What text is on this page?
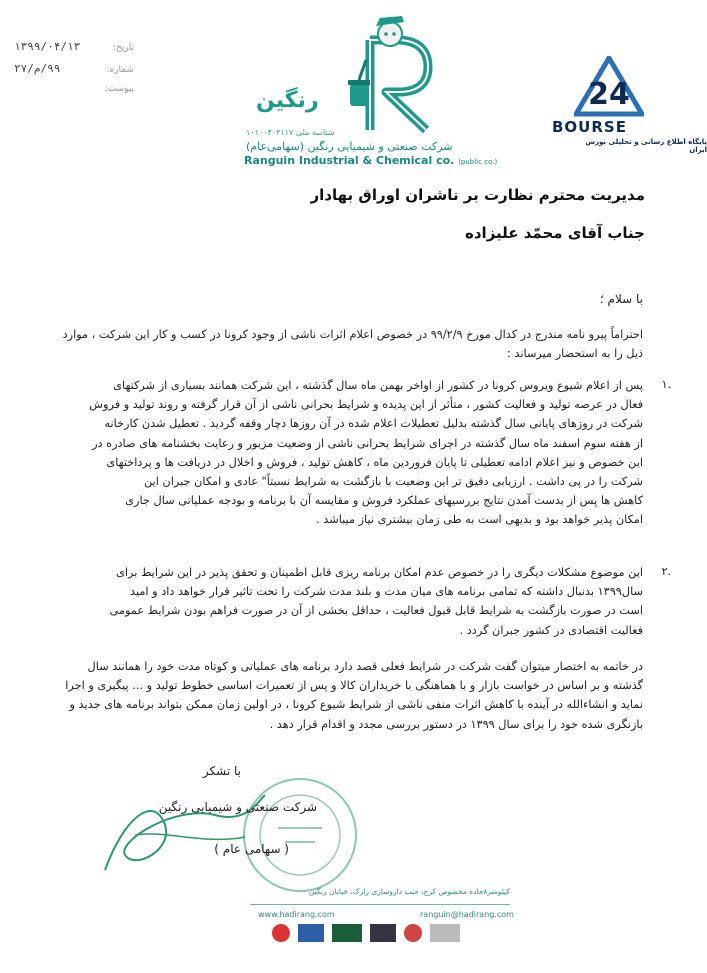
تاریخ:
۱۳۹۹/۰۴/۱۳
شماره:
۹۹/م/۲۷
پیوست:	رنگین
شناسه ملی ۱۰۱۰۰۴۰۳۱۱۷
شرکت صنعتی و شیمیایی رنگین (سهامی‌عام)
Ranguin Industrial & Chemical co. (public co.)
24
BOURSE
پایگاه اطلاع رسانی و تحلیلی بورس ایران
مدیریت محترم نظارت بر ناشران اوراق بهادار
جناب آقای محمّد علیزاده
با سلام ؛

احتراماً پیرو نامه مندرج در کدال مورخ ۹۹/۲/۹ در خصوص اعلام اثرات ناشی از وجود کرونا در کسب و کار این شرکت ، موارد

ذیل را به استحضار میرساند :

۱.

پس از اعلام شیوع ویروس کرونا در کشور از اواخر بهمن ماه سال گذشته ، این شرکت همانند بسیاری از شرکتهای

فعال در عرصه تولید و فعالیت کشور ، متأثر از این پدیده و شرایط بحرانی ناشی از آن قرار گرفته و روند تولید و فروش

شرکت در روزهای پایانی سال گذشته بدلیل تعطیلات اعلام شده در آن روزها دچار وقفه گردید . تعطیل شدن کارخانه

از هفته سوم اسفند ماه سال گذشته در اجرای شرایط بحرانی ناشی از وضعیت مزبور و رعایت بخشنامه های صادره در

این خصوص و نیز اعلام ادامه تعطیلی تا پایان فروردین ماه ، کاهش تولید ، فروش و اخلال در دریافت ها و پرداختهای

شرکت را در پی داشت . ارزیابی دقیق تر این وضعیت با بازگشت به شرایط نسبتاً" عادی و امکان جبران این

کاهش ها پس از بدست آمدن نتایج بررسیهای عملکرد فروش و مقایسه آن با برنامه و بودجه عملیاتی سال جاری

امکان پذیر خواهد بود و بدیهی است به طی زمان بیشتری نیاز میباشد .

۲.

این موضوع مشکلات دیگری را در خصوص عدم امکان برنامه ریزی قابل اطمینان و تحقق پذیر در این شرایط برای

سال۱۳۹۹ بدنبال داشته که تمامی برنامه های میان مدت و بلند مدت شرکت را تحت تاثیر قرار خواهد داد و امید

است در صورت بازگشت به شرایط قابل قبول فعالیت ، حداقل بخشی از آن در صورت فراهم بودن شرایط عمومی

فعالیت اقتصادی در کشور جبران گردد .

در خاتمه به اختصار میتوان گفت شرکت در شرایط فعلی قصد دارد برنامه های عملیاتی و کوتاه مدت خود را همانند سال

گذشته و بر اساس در خواست بازار و با هماهنگی با خریداران کالا و پس از تعمیرات اساسی خطوط تولید و ... پیگیری و اجرا

نماید و انشاءالله در آینده با کاهش اثرات منفی ناشی از شرایط شیوع کرونا ، در اولین زمان ممکن بتواند برنامه های جدید و

بازنگری شده خود را برای سال ۱۳۹۹ در دستور بررسی مجدد و اقدام قرار دهد .

با تشکر
شرکت صنعتی و شیمیایی رنگین
( سهامی عام )
کیلومتر۸جاده مخصوص کرج، جنب داروسازی رازک، خیابان رنگین
www.hadirang.com	ranguin@hadirang.com
